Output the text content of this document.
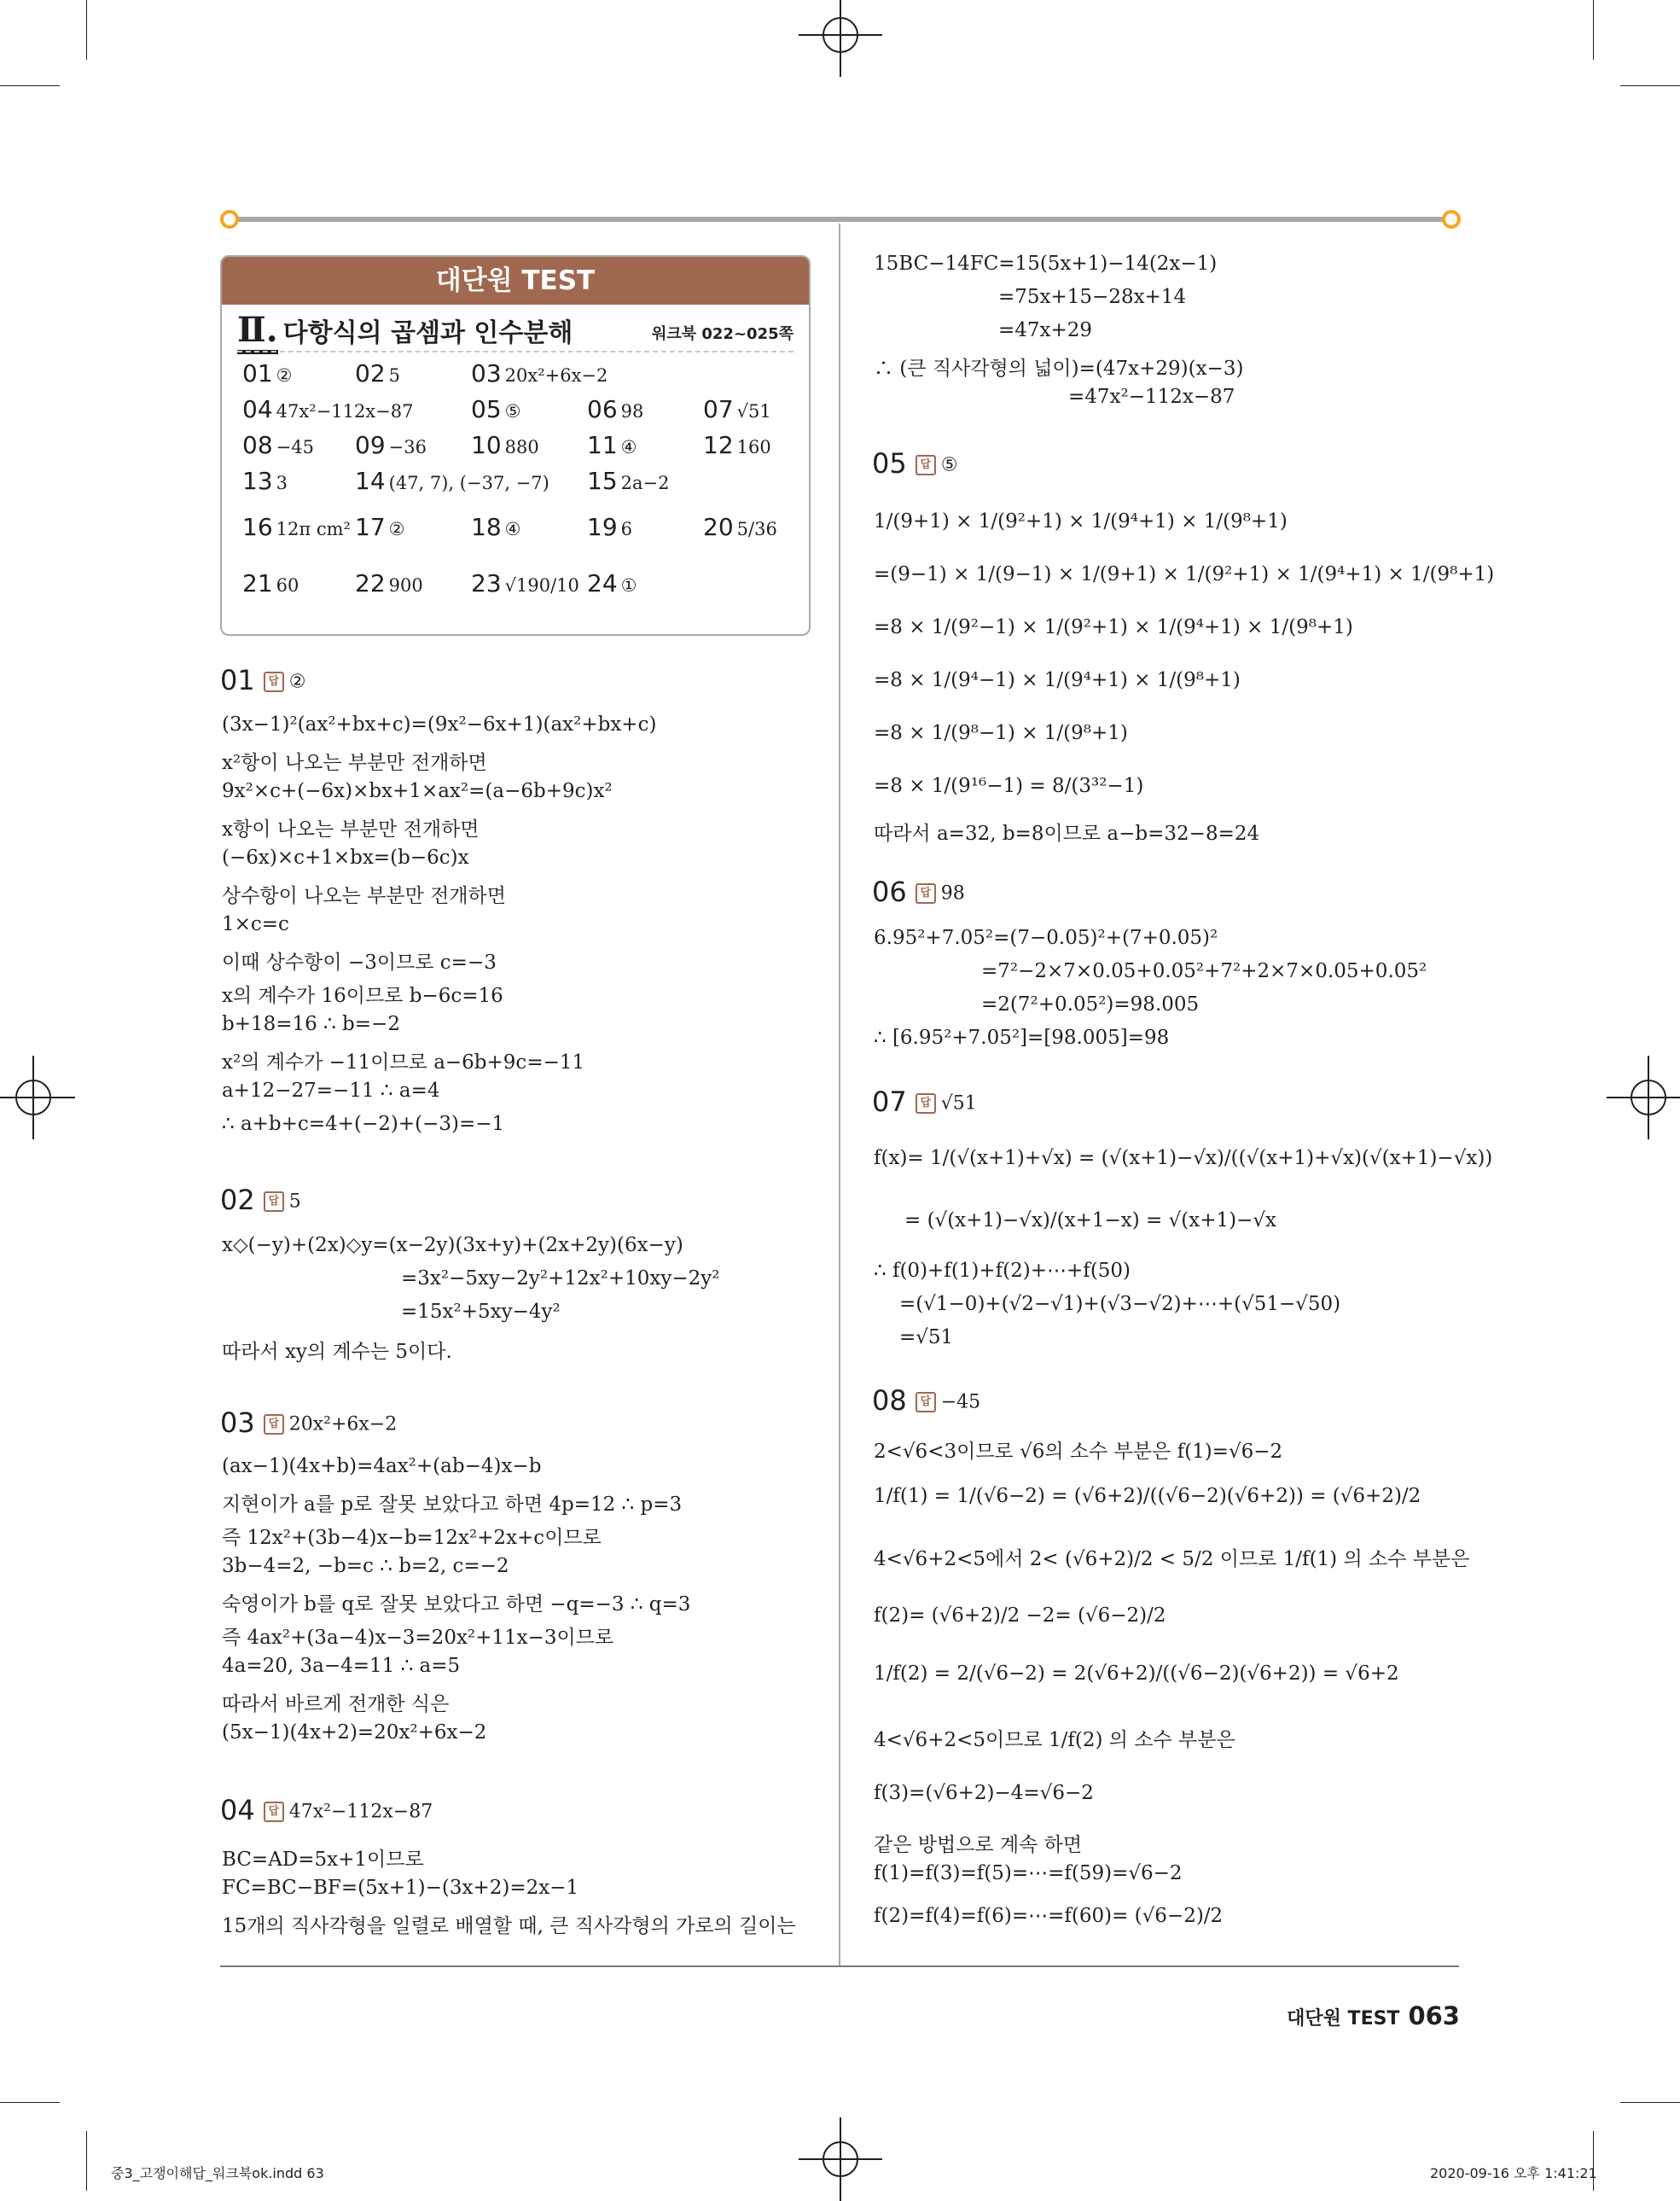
대단원 TEST
Ⅱ. 다항식의 곱셈과 인수분해	워크북 022~025쪽
01 ②	02 5	03 20x²+6x−2
04 47x²−112x−87 05 ⑤	06 98 07 √51
08 −45 09 −36 10 880 11 ④	12 160
13 3	14 (47, 7), (−37, −7) 15 2a−2
16 12π cm² 17 ②	18 ④	19 6	20 5/36
21 60 22 900 23 √190/10 24 ①
01 답 ②
(3x−1)²(ax²+bx+c)=(9x²−6x+1)(ax²+bx+c)
x²항이 나오는 부분만 전개하면
9x²×c+(−6x)×bx+1×ax²=(a−6b+9c)x²
x항이 나오는 부분만 전개하면
(−6x)×c+1×bx=(b−6c)x
상수항이 나오는 부분만 전개하면
1×c=c
이때 상수항이 −3이므로 c=−3
x의 계수가 16이므로 b−6c=16
b+18=16 ∴ b=−2
x²의 계수가 −11이므로 a−6b+9c=−11
a+12−27=−11 ∴ a=4
∴ a+b+c=4+(−2)+(−3)=−1
02 답 5
x◇(−y)+(2x)◇y=(x−2y)(3x+y)+(2x+2y)(6x−y)
=3x²−5xy−2y²+12x²+10xy−2y²
=15x²+5xy−4y²
따라서 xy의 계수는 5이다.
03 답 20x²+6x−2
(ax−1)(4x+b)=4ax²+(ab−4)x−b
지현이가 a를 p로 잘못 보았다고 하면 4p=12 ∴ p=3
즉 12x²+(3b−4)x−b=12x²+2x+c이므로
3b−4=2, −b=c ∴ b=2, c=−2
숙영이가 b를 q로 잘못 보았다고 하면 −q=−3 ∴ q=3
즉 4ax²+(3a−4)x−3=20x²+11x−3이므로
4a=20, 3a−4=11 ∴ a=5
따라서 바르게 전개한 식은
(5x−1)(4x+2)=20x²+6x−2
04 답 47x²−112x−87
BC=AD=5x+1이므로
FC=BC−BF=(5x+1)−(3x+2)=2x−1
15개의 직사각형을 일렬로 배열할 때, 큰 직사각형의 가로의 길이는
15BC−14FC=15(5x+1)−14(2x−1)
=75x+15−28x+14
=47x+29
∴ (큰 직사각형의 넓이)=(47x+29)(x−3)
=47x²−112x−87
05 답 ⑤
1/(9+1) × 1/(9²+1) × 1/(9⁴+1) × 1/(9⁸+1)
=(9−1) × 1/(9−1) × 1/(9+1) × 1/(9²+1) × 1/(9⁴+1) × 1/(9⁸+1)
=8 × 1/(9²−1) × 1/(9²+1) × 1/(9⁴+1) × 1/(9⁸+1)
=8 × 1/(9⁴−1) × 1/(9⁴+1) × 1/(9⁸+1)
=8 × 1/(9⁸−1) × 1/(9⁸+1)
=8 × 1/(9¹⁶−1) = 8/(3³²−1)
따라서 a=32, b=8이므로 a−b=32−8=24
06 답 98
6.95²+7.05²=(7−0.05)²+(7+0.05)²
=7²−2×7×0.05+0.05²+7²+2×7×0.05+0.05²
=2(7²+0.05²)=98.005
∴ [6.95²+7.05²]=[98.005]=98
07 답 √51
f(x)= 1/(√(x+1)+√x) = (√(x+1)−√x)/((√(x+1)+√x)(√(x+1)−√x))
= (√(x+1)−√x)/(x+1−x) = √(x+1)−√x
∴ f(0)+f(1)+f(2)+⋯+f(50)
=(√1−0)+(√2−√1)+(√3−√2)+⋯+(√51−√50)
=√51
08 답 −45
2<√6<3이므로 √6의 소수 부분은 f(1)=√6−2
1/f(1) = 1/(√6−2) = (√6+2)/((√6−2)(√6+2)) = (√6+2)/2
4<√6+2<5에서 2< (√6+2)/2 < 5/2 이므로 1/f(1) 의 소수 부분은
f(2)= (√6+2)/2 −2= (√6−2)/2
1/f(2) = 2/(√6−2) = 2(√6+2)/((√6−2)(√6+2)) = √6+2
4<√6+2<5이므로 1/f(2) 의 소수 부분은
f(3)=(√6+2)−4=√6−2
같은 방법으로 계속 하면
f(1)=f(3)=f(5)=⋯=f(59)=√6−2
f(2)=f(4)=f(6)=⋯=f(60)= (√6−2)/2
대단원 TEST 063
중3_고쟁이해답_워크북ok.indd 63	2020-09-16 오후 1:41:21
